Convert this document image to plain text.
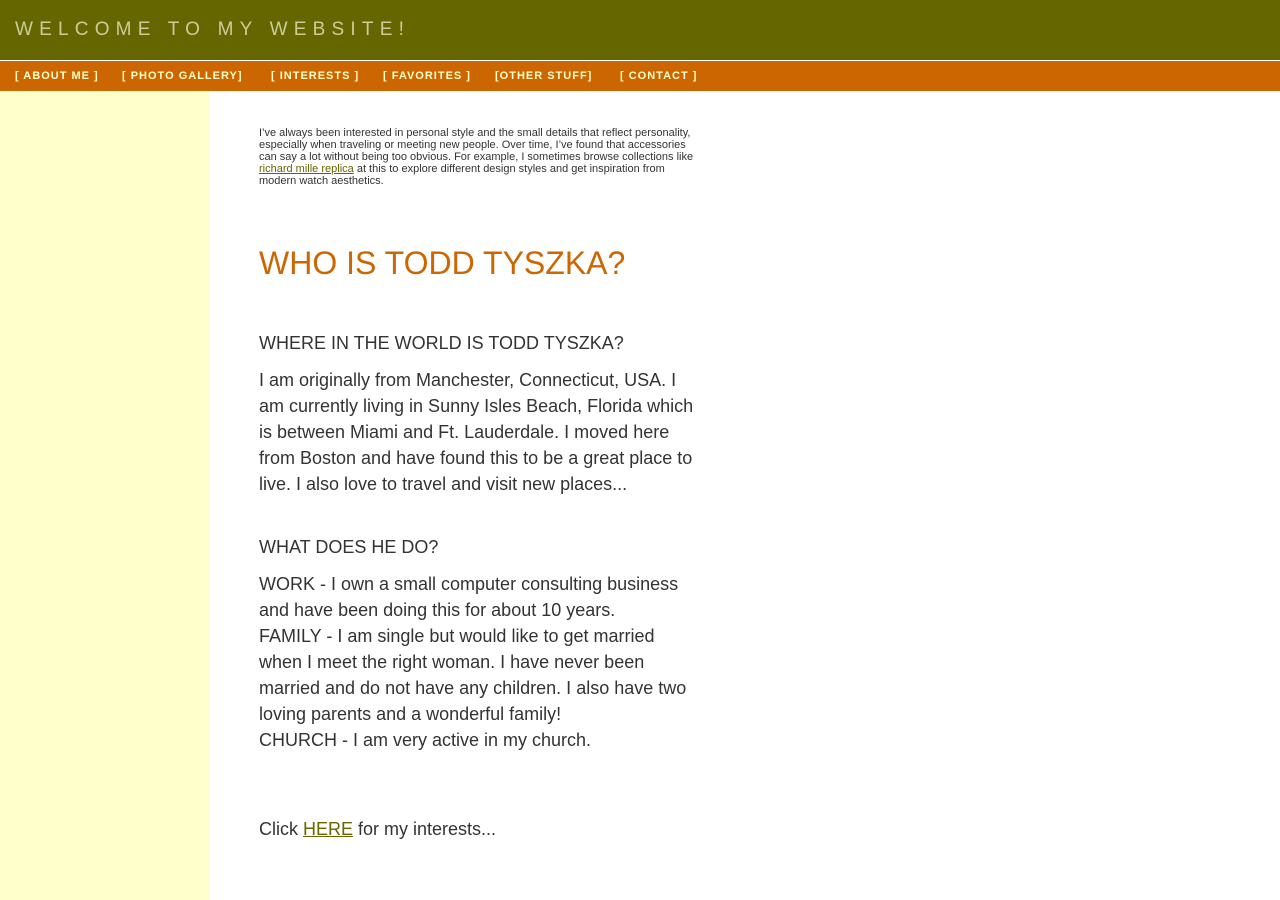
WELCOME TO MY WEBSITE!
[ ABOUT ME ] [ PHOTO GALLERY]	[ INTERESTS ] [ FAVORITES ] [OTHER STUFF]	[ CONTACT ]

I’ve always been interested in personal style and the small details that reflect personality, especially when traveling or meeting new people. Over time, I’ve found that accessories can say a lot without being too obvious. For example, I sometimes browse collections like richard mille replica at this to explore different design styles and get inspiration from modern watch aesthetics.

WHO IS TODD TYSZKA?
WHERE IN THE WORLD IS TODD TYSZKA?

I am originally from Manchester, Connecticut, USA. I am currently living in Sunny Isles Beach, Florida which is between Miami and Ft. Lauderdale. I moved here from Boston and have found this to be a great place to live. I also love to travel and visit new places...

WHAT DOES HE DO?
WORK - I own a small computer consulting business and have been doing this for about 10 years.
FAMILY - I am single but would like to get married when I meet the right woman. I have never been married and do not have any children. I also have two loving parents and a wonderful family!
CHURCH - I am very active in my church.

Click HERE for my interests...
